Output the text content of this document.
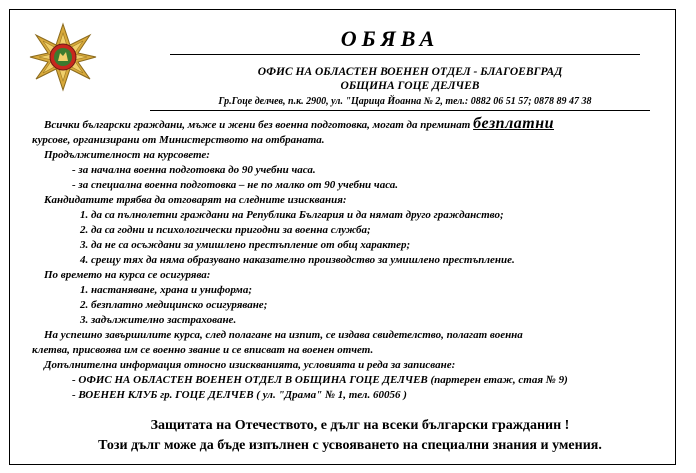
ОБЯВА
ОФИС НА ОБЛАСТЕН ВОЕНЕН ОТДЕЛ - БЛАГОЕВГРАД
ОБЩИНА ГОЦЕ ДЕЛЧЕВ
Гр.Гоце делчев, п.к. 2900, ул. "Царица Йоанна № 2, тел.: 0882 06 51 57; 0878 89 47 38
Всички български граждани, мъже и жени без военна подготовка, могат да преминат безплатни
курсове, организирани от Министерството на отбраната.
Продължителност на курсовете:
- за начална военна подготовка до 90 учебни часа.
- за специална военна подготовка – не по малко от 90 учебни часа.
Кандидатите трябва да отговарят на следните изисквания:
1. да са пълнолетни граждани на Република България и да нямат друго гражданство;
2. да са годни и психологически пригодни за военна служба;
3. да не са осъждани за умишлено престъпление от общ характер;
4. срещу тях да няма образувано наказателно производство за умишлено престъпление.
По времето на курса се осигурява:
1. настаняване, храна и униформа;
2. безплатно медицинско осигуряване;
3. задължително застраховане.
На успешно завършилите курса, след полагане на изпит, се издава свидетелство, полагат военна
клетва, присвоява им се военно звание и се вписват на военен отчет.
Допълнителна информация относно изискванията, условията и реда за записване:
- ОФИС НА ОБЛАСТЕН ВОЕНЕН ОТДЕЛ В ОБЩИНА ГОЦЕ ДЕЛЧЕВ (партерен етаж, стая № 9)
- ВОЕНЕН КЛУБ гр. ГОЦЕ ДЕЛЧЕВ ( ул. "Драма" № 1, тел. 60056 )
Защитата на Отечеството, е дълг на всеки български гражданин !
Този дълг може да бъде изпълнен с усвояването на специални знания и умения.
